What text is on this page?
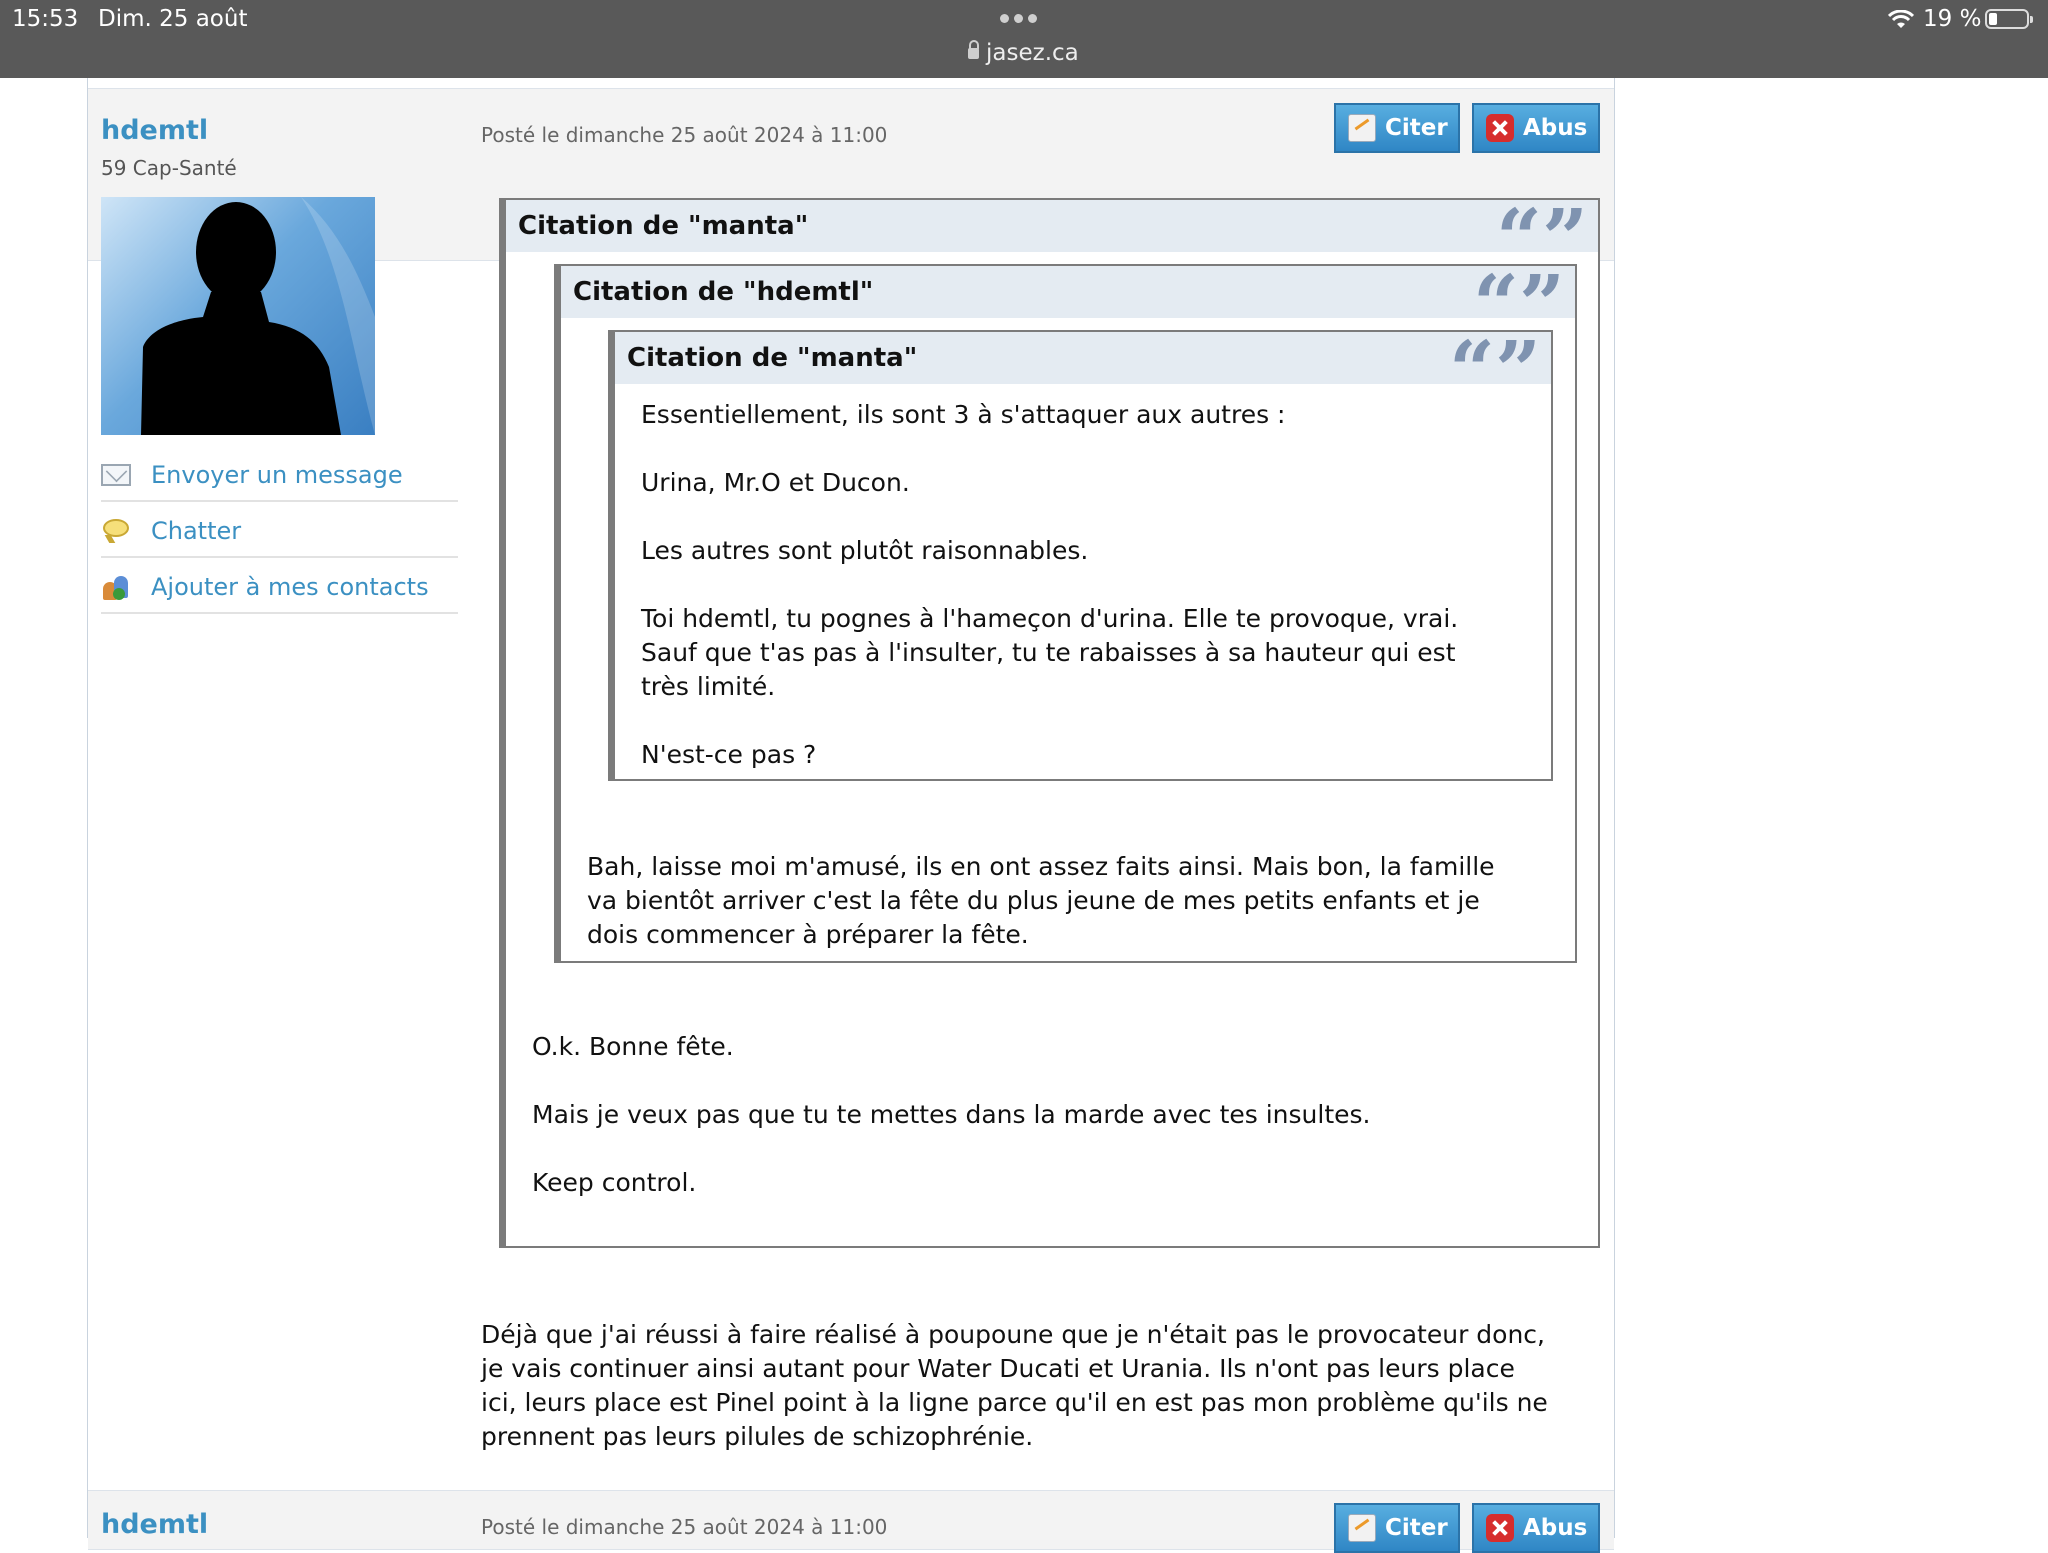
15:53 Dim. 25 août
jasez.ca
19 %
hdemtl
59 Cap-Santé
Posté le dimanche 25 août 2024 à 11:00	Citer	Abus
Envoyer un message
Chatter
Ajouter à mes contacts
Citation de "manta"	“”
O.k. Bonne fête.
Mais je veux pas que tu te mettes dans la marde avec tes insultes.
Keep control.
Citation de "hdemtl"	“”
Bah, laisse moi m'amusé, ils en ont assez faits ainsi. Mais bon, la famille
va bientôt arriver c'est la fête du plus jeune de mes petits enfants et je
dois commencer à préparer la fête.
Citation de "manta"	“”
Essentiellement, ils sont 3 à s'attaquer aux autres :
Urina, Mr.O et Ducon.
Les autres sont plutôt raisonnables.
Toi hdemtl, tu pognes à l'hameçon d'urina. Elle te provoque, vrai.
Sauf que t'as pas à l'insulter, tu te rabaisses à sa hauteur qui est
très limité.
N'est-ce pas ?
Déjà que j'ai réussi à faire réalisé à poupoune que je n'était pas le provocateur donc,
je vais continuer ainsi autant pour Water Ducati et Urania. Ils n'ont pas leurs place
ici, leurs place est Pinel point à la ligne parce qu'il en est pas mon problème qu'ils ne
prennent pas leurs pilules de schizophrénie.
hdemtl	Posté le dimanche 25 août 2024 à 11:00	Citer	Abus
